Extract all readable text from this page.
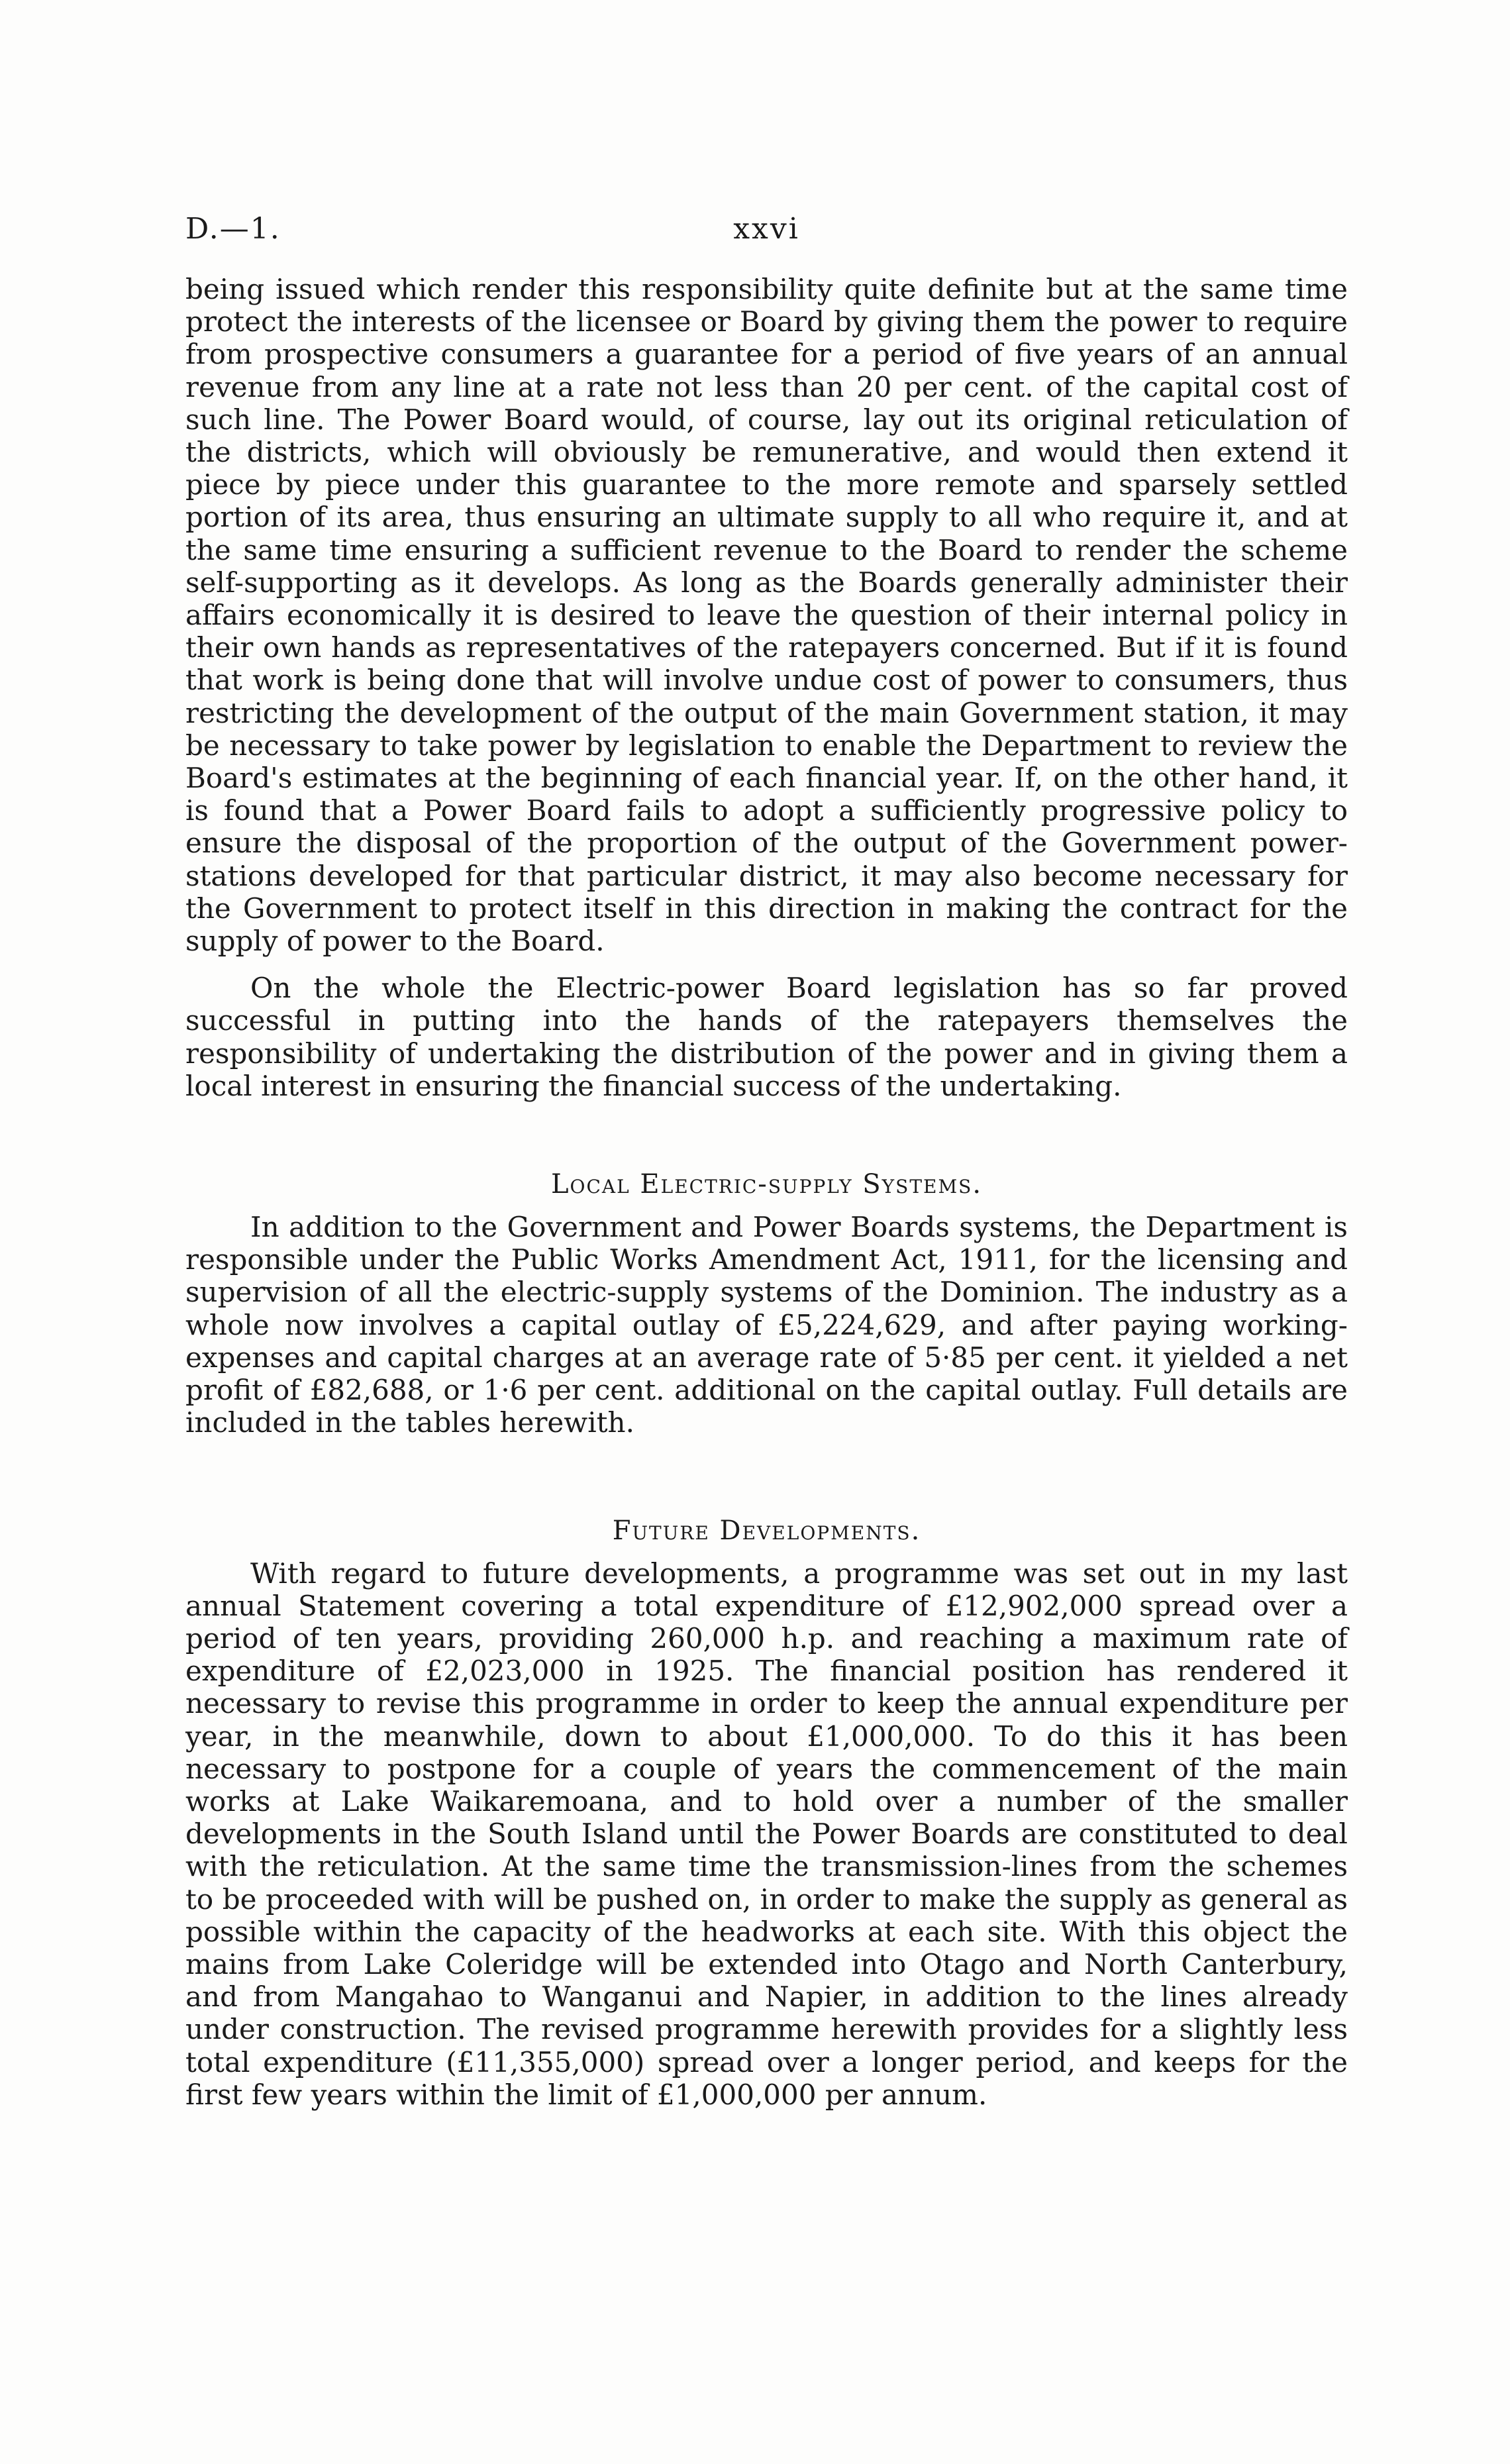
D.—1.	xxvi

being issued which render this responsibility quite definite but at the same time protect the interests of the licensee or Board by giving them the power to require from prospective consumers a guarantee for a period of five years of an annual revenue from any line at a rate not less than 20 per cent. of the capital cost of such line. The Power Board would, of course, lay out its original reticulation of the districts, which will obviously be remunerative, and would then extend it piece by piece under this guarantee to the more remote and sparsely settled portion of its area, thus ensuring an ultimate supply to all who require it, and at the same time ensuring a sufficient revenue to the Board to render the scheme self-supporting as it develops. As long as the Boards generally administer their affairs economically it is desired to leave the question of their internal policy in their own hands as representatives of the ratepayers concerned. But if it is found that work is being done that will involve undue cost of power to consumers, thus restricting the development of the output of the main Government station, it may be necessary to take power by legislation to enable the Department to review the Board's estimates at the beginning of each financial year. If, on the other hand, it is found that a Power Board fails to adopt a sufficiently progressive policy to ensure the disposal of the proportion of the output of the Government power-stations developed for that particular district, it may also become necessary for the Government to protect itself in this direction in making the contract for the supply of power to the Board.

On the whole the Electric-power Board legislation has so far proved successful in putting into the hands of the ratepayers themselves the responsibility of undertaking the distribution of the power and in giving them a local interest in ensuring the financial success of the undertaking.

Local Electric-supply Systems.

In addition to the Government and Power Boards systems, the Department is responsible under the Public Works Amendment Act, 1911, for the licensing and supervision of all the electric-supply systems of the Dominion. The industry as a whole now involves a capital outlay of £5,224,629, and after paying working-expenses and capital charges at an average rate of 5·85 per cent. it yielded a net profit of £82,688, or 1·6 per cent. additional on the capital outlay. Full details are included in the tables herewith.

Future Developments.

With regard to future developments, a programme was set out in my last annual Statement covering a total expenditure of £12,902,000 spread over a period of ten years, providing 260,000 h.p. and reaching a maximum rate of expenditure of £2,023,000 in 1925. The financial position has rendered it necessary to revise this programme in order to keep the annual expenditure per year, in the meanwhile, down to about £1,000,000. To do this it has been necessary to postpone for a couple of years the commencement of the main works at Lake Waikaremoana, and to hold over a number of the smaller developments in the South Island until the Power Boards are constituted to deal with the reticulation. At the same time the transmission-lines from the schemes to be proceeded with will be pushed on, in order to make the supply as general as possible within the capacity of the headworks at each site. With this object the mains from Lake Coleridge will be extended into Otago and North Canterbury, and from Mangahao to Wanganui and Napier, in addition to the lines already under construction. The revised programme herewith provides for a slightly less total expenditure (£11,355,000) spread over a longer period, and keeps for the first few years within the limit of £1,000,000 per annum.
